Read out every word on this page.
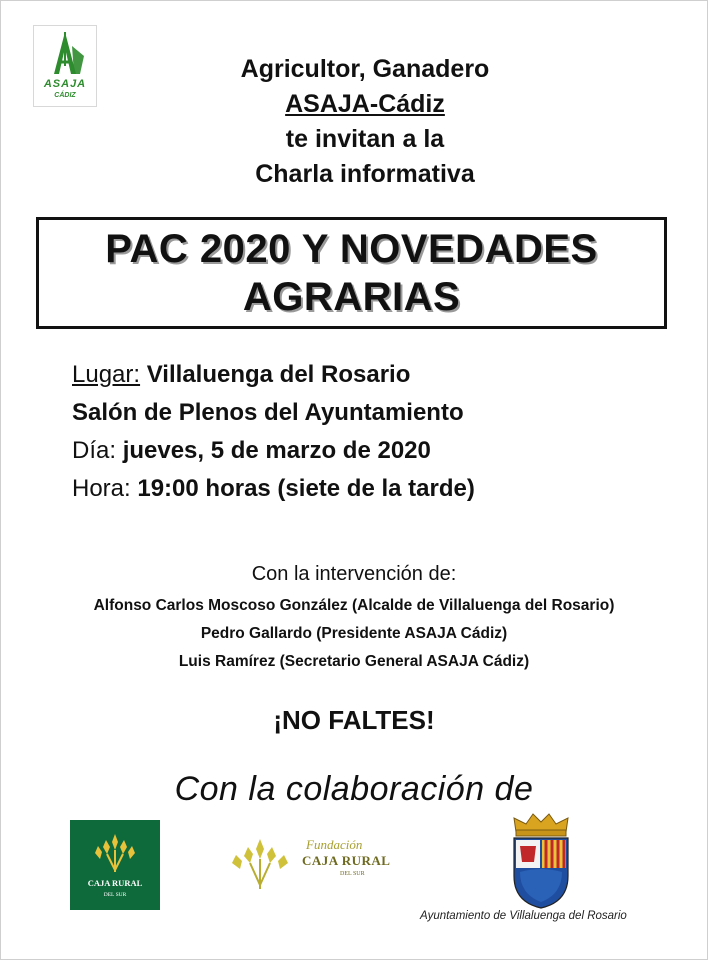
ASAJA
CÁDIZ
Agricultor, Ganadero
ASAJA-Cádiz
te invitan a la
Charla informativa
PAC 2020 Y NOVEDADES
AGRARIAS
Lugar: Villaluenga del Rosario
Salón de Plenos del Ayuntamiento
Día: jueves, 5 de marzo de 2020
Hora: 19:00 horas (siete de la tarde)
Con la intervención de:
Alfonso Carlos Moscoso González (Alcalde de Villaluenga del Rosario)
Pedro Gallardo (Presidente ASAJA Cádiz)
Luis Ramírez (Secretario General ASAJA Cádiz)
¡NO FALTES!
Con la colaboración de
CAJA RURAL
DEL SUR
Fundación
CAJA RURAL
DEL SUR
Ayuntamiento de Villaluenga del Rosario
